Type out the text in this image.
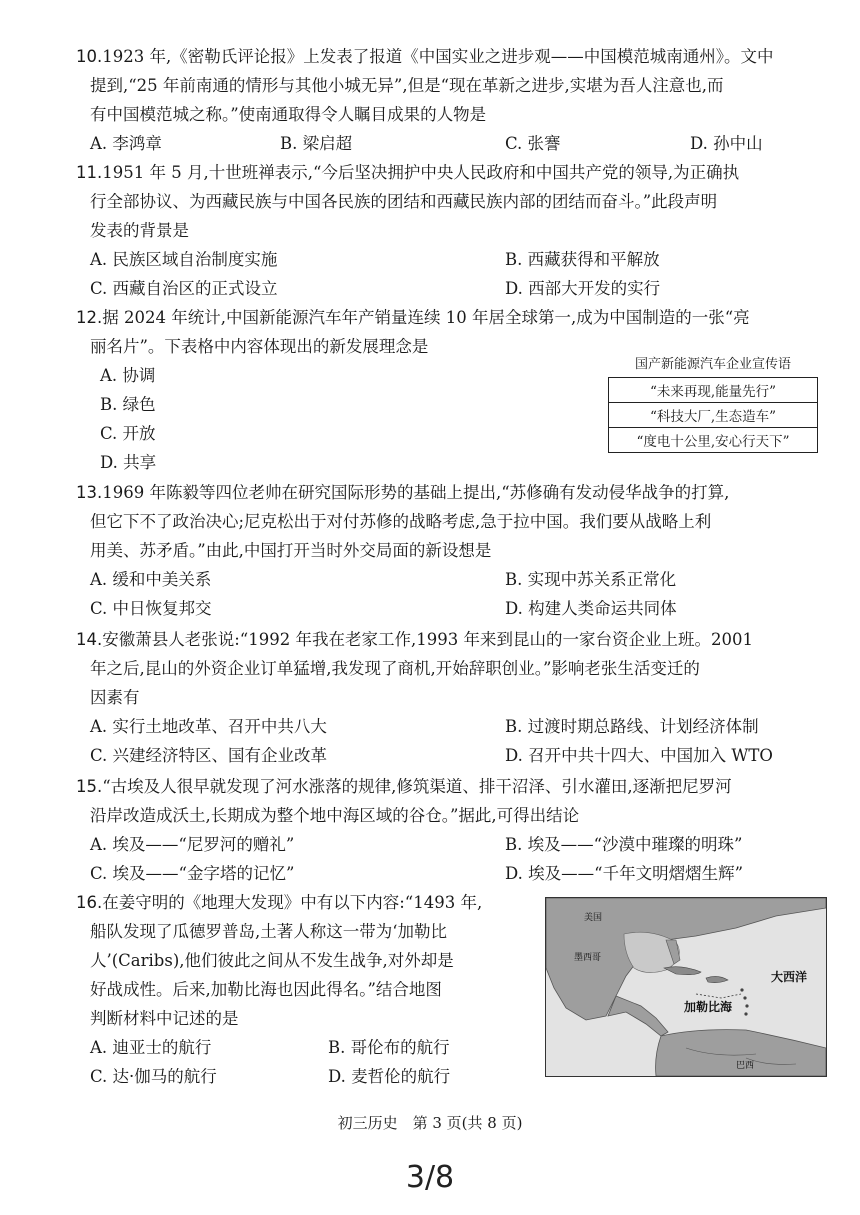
10.1923 年,《密勒氏评论报》上发表了报道《中国实业之进步观——中国模范城南通州》。文中
提到,“25 年前南通的情形与其他小城无异”,但是“现在革新之进步,实堪为吾人注意也,而
有中国模范城之称。”使南通取得令人瞩目成果的人物是
A. 李鸿章	B. 梁启超	C. 张謇	D. 孙中山
11.1951 年 5 月,十世班禅表示,“今后坚决拥护中央人民政府和中国共产党的领导,为正确执
行全部协议、为西藏民族与中国各民族的团结和西藏民族内部的团结而奋斗。”此段声明
发表的背景是
A. 民族区域自治制度实施	B. 西藏获得和平解放
C. 西藏自治区的正式设立	D. 西部大开发的实行
12.据 2024 年统计,中国新能源汽车年产销量连续 10 年居全球第一,成为中国制造的一张“亮
丽名片”。下表格中内容体现出的新发展理念是
A. 协调
B. 绿色
C. 开放
D. 共享
国产新能源汽车企业宣传语
“未来再现,能量先行”
“科技大厂,生态造车”
“度电十公里,安心行天下”
13.1969 年陈毅等四位老帅在研究国际形势的基础上提出,“苏修确有发动侵华战争的打算,
但它下不了政治决心;尼克松出于对付苏修的战略考虑,急于拉中国。我们要从战略上利
用美、苏矛盾。”由此,中国打开当时外交局面的新设想是
A. 缓和中美关系	B. 实现中苏关系正常化
C. 中日恢复邦交	D. 构建人类命运共同体
14.安徽萧县人老张说:“1992 年我在老家工作,1993 年来到昆山的一家台资企业上班。2001
年之后,昆山的外资企业订单猛增,我发现了商机,开始辞职创业。”影响老张生活变迁的
因素有
A. 实行土地改革、召开中共八大	B. 过渡时期总路线、计划经济体制
C. 兴建经济特区、国有企业改革	D. 召开中共十四大、中国加入 WTO
15.“古埃及人很早就发现了河水涨落的规律,修筑渠道、排干沼泽、引水灌田,逐渐把尼罗河
沿岸改造成沃土,长期成为整个地中海区域的谷仓。”据此,可得出结论
A. 埃及——“尼罗河的赠礼”	B. 埃及——“沙漠中璀璨的明珠”
C. 埃及——“金字塔的记忆”	D. 埃及——“千年文明熠熠生辉”
16.在姜守明的《地理大发现》中有以下内容:“1493 年,
船队发现了瓜德罗普岛,土著人称这一带为‘加勒比
人’(Caribs),他们彼此之间从不发生战争,对外却是
好战成性。后来,加勒比海也因此得名。”结合地图
判断材料中记述的是
A. 迪亚士的航行	B. 哥伦布的航行
C. 达·伽马的航行	D. 麦哲伦的航行
美国
墨西哥
加勒比海
大西洋
巴西
初三历史　第 3 页(共 8 页)
3/8
